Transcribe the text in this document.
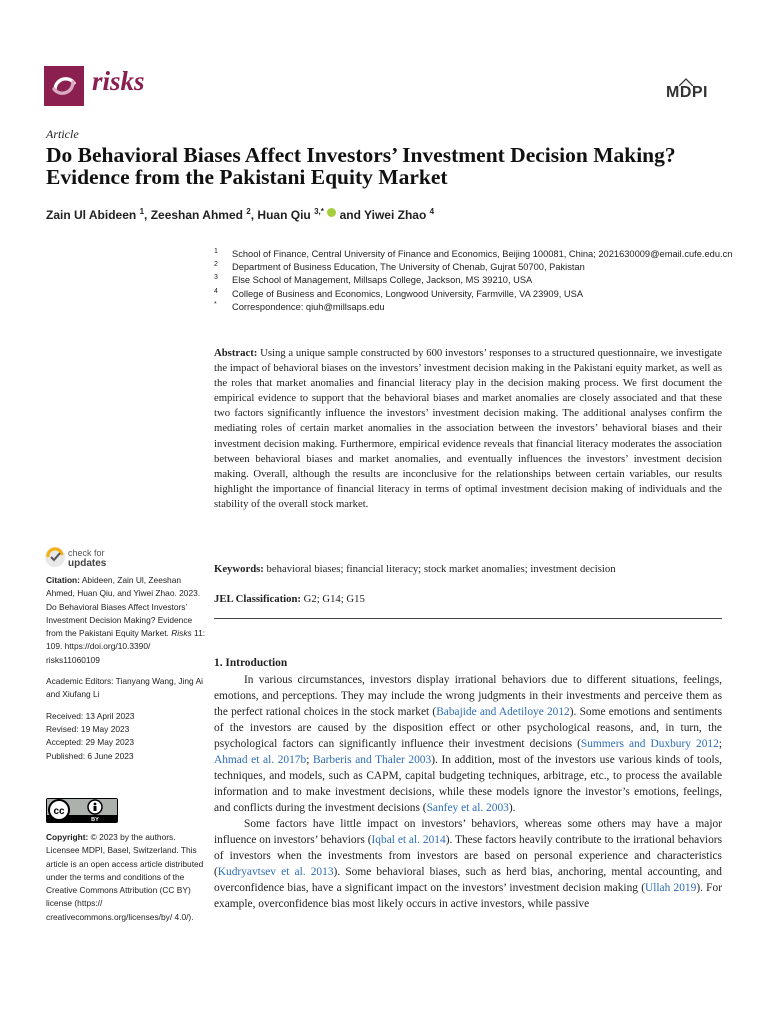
risks	MDPI
Article
Do Behavioral Biases Affect Investors’ Investment Decision Making? Evidence from the Pakistani Equity Market
Zain Ul Abideen $^1$, Zeeshan Ahmed $^2$, Huan Qiu $^{3,*}$  and Yiwei Zhao $^4$
1 School of Finance, Central University of Finance and Economics, Beijing 100081, China; 2021630009@email.cufe.edu.cn
2 Department of Business Education, The University of Chenab, Gujrat 50700, Pakistan
3 Else School of Management, Millsaps College, Jackson, MS 39210, USA
4 College of Business and Economics, Longwood University, Farmville, VA 23909, USA
* Correspondence: qiuh@millsaps.edu
Abstract: Using a unique sample constructed by 600 investors’ responses to a structured questionnaire, we investigate the impact of behavioral biases on the investors’ investment decision making in the Pakistani equity market, as well as the roles that market anomalies and financial literacy play in the decision making process. We first document the empirical evidence to support that the behavioral biases and market anomalies are closely associated and that these two factors significantly influence the investors’ investment decision making. The additional analyses confirm the mediating roles of certain market anomalies in the association between the investors’ behavioral biases and their investment decision making. Furthermore, empirical evidence reveals that financial literacy moderates the association between behavioral biases and market anomalies, and eventually influences the investors’ investment decision making. Overall, although the results are inconclusive for the relationships between certain variables, our results highlight the importance of financial literacy in terms of optimal investment decision making of individuals and the stability of the overall stock market.
Keywords: behavioral biases; financial literacy; stock market anomalies; investment decision
JEL Classification: G2; G14; G15
check for
updates

Citation: Abideen, Zain Ul, Zeeshan Ahmed, Huan Qiu, and Yiwei Zhao. 2023. Do Behavioral Biases Affect Investors’ Investment Decision Making? Evidence from the Pakistani Equity Market. Risks 11: 109. https://doi.org/10.3390/ risks11060109

Academic Editors: Tianyang Wang, Jing Ai and Xiufang Li

Received: 13 April 2023
Revised: 19 May 2023
Accepted: 29 May 2023
Published: 6 June 2023
cc
BY
Copyright: © 2023 by the authors. Licensee MDPI, Basel, Switzerland. This article is an open access article distributed under the terms and conditions of the Creative Commons Attribution (CC BY) license (https:// creativecommons.org/licenses/by/ 4.0/).
1. Introduction

In various circumstances, investors display irrational behaviors due to different situations, feelings, emotions, and perceptions. They may include the wrong judgments in their investments and perceive them as the perfect rational choices in the stock market (Babajide and Adetiloye 2012). Some emotions and sentiments of the investors are caused by the disposition effect or other psychological reasons, and, in turn, the psychological factors can significantly influence their investment decisions (Summers and Duxbury 2012; Ahmad et al. 2017b; Barberis and Thaler 2003). In addition, most of the investors use various kinds of tools, techniques, and models, such as CAPM, capital budgeting techniques, arbitrage, etc., to process the available information and to make investment decisions, while these models ignore the investor’s emotions, feelings, and conflicts during the investment decisions (Sanfey et al. 2003).

Some factors have little impact on investors’ behaviors, whereas some others may have a major influence on investors’ behaviors (Iqbal et al. 2014). These factors heavily contribute to the irrational behaviors of investors when the investments from investors are based on personal experience and characteristics (Kudryavtsev et al. 2013). Some behavioral biases, such as herd bias, anchoring, mental accounting, and overconfidence bias, have a significant impact on the investors’ investment decision making (Ullah 2019). For example, overconfidence bias most likely occurs in active investors, while passive
